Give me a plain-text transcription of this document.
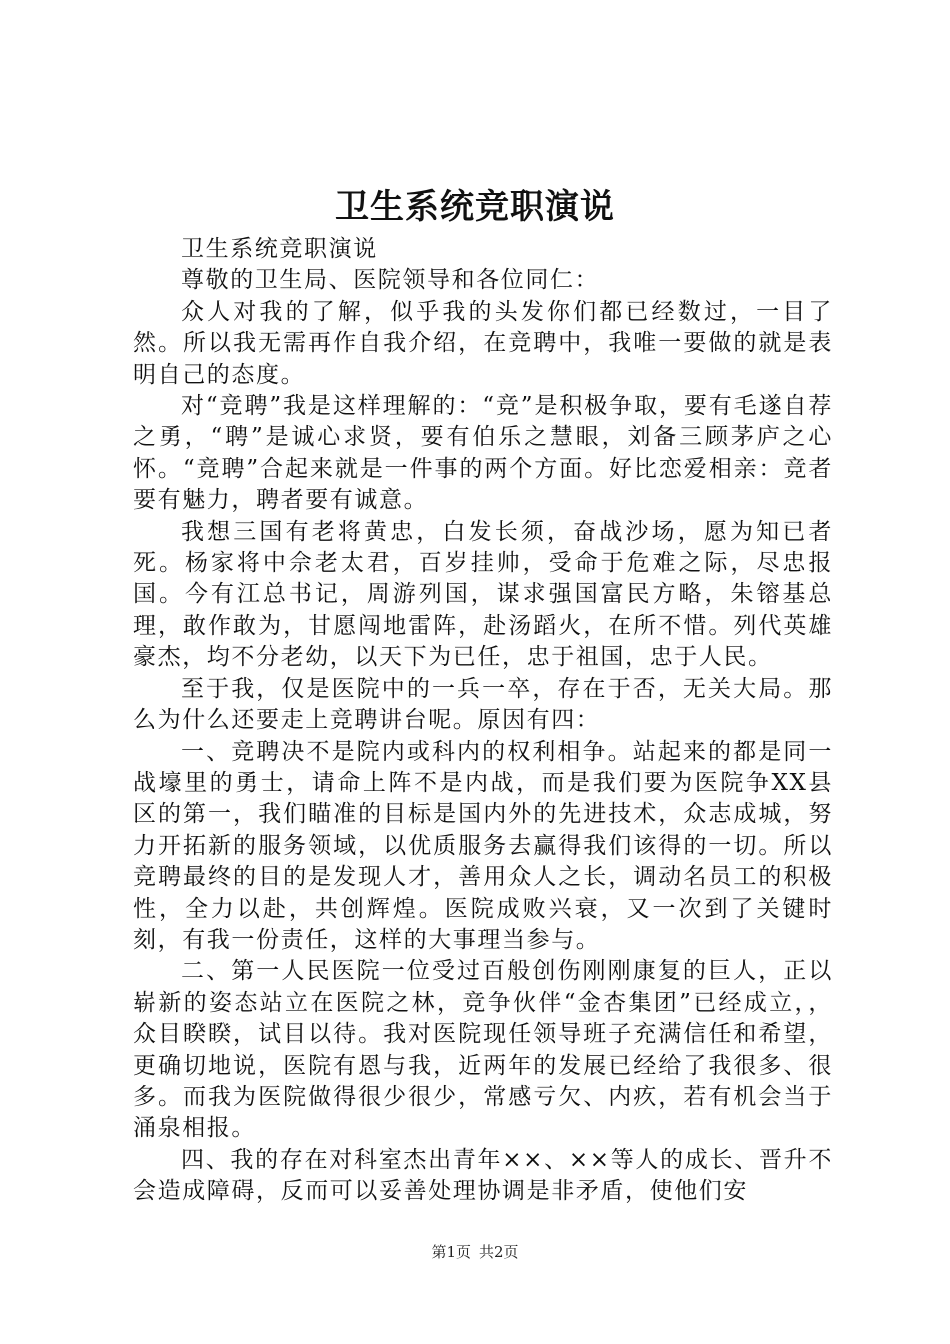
卫生系统竞职演说

卫生系统竞职演说

尊敬的卫生局、医院领导和各位同仁：

众人对我的了解，似乎我的头发你们都已经数过，一目了然。所以我无需再作自我介绍，在竞聘中，我唯一要做的就是表明自己的态度。

对“竞聘”我是这样理解的：“竞”是积极争取，要有毛遂自荐之勇，“聘”是诚心求贤，要有伯乐之慧眼，刘备三顾茅庐之心怀。“竞聘”合起来就是一件事的两个方面。好比恋爱相亲：竞者要有魅力，聘者要有诚意。

我想三国有老将黄忠，白发长须，奋战沙场，愿为知已者死。杨家将中佘老太君，百岁挂帅，受命于危难之际，尽忠报国。今有江总书记，周游列国，谋求强国富民方略，朱镕基总理，敢作敢为，甘愿闯地雷阵，赴汤蹈火，在所不惜。列代英雄豪杰，均不分老幼，以天下为已任，忠于祖国，忠于人民。

至于我，仅是医院中的一兵一卒，存在于否，无关大局。那么为什么还要走上竞聘讲台呢。原因有四：

一、竞聘决不是院内或科内的权利相争。站起来的都是同一战壕里的勇士，请命上阵不是内战，而是我们要为医院争XX县区的第一，我们瞄准的目标是国内外的先进技术，众志成城，努力开拓新的服务领域，以优质服务去赢得我们该得的一切。所以竞聘最终的目的是发现人才，善用众人之长，调动名员工的积极性，全力以赴，共创辉煌。医院成败兴衰，又一次到了关键时刻，有我一份责任，这样的大事理当参与。

二、第一人民医院一位受过百般创伤刚刚康复的巨人，正以崭新的姿态站立在医院之林，竞争伙伴“金杏集团”已经成立，，众目睽睽，试目以待。我对医院现任领导班子充满信任和希望，更确切地说，医院有恩与我，近两年的发展已经给了我很多、很多。而我为医院做得很少很少，常感亏欠、内疚，若有机会当于涌泉相报。

四、我的存在对科室杰出青年××、××等人的成长、晋升不会造成障碍，反而可以妥善处理协调是非矛盾，使他们安

第1页 共2页
